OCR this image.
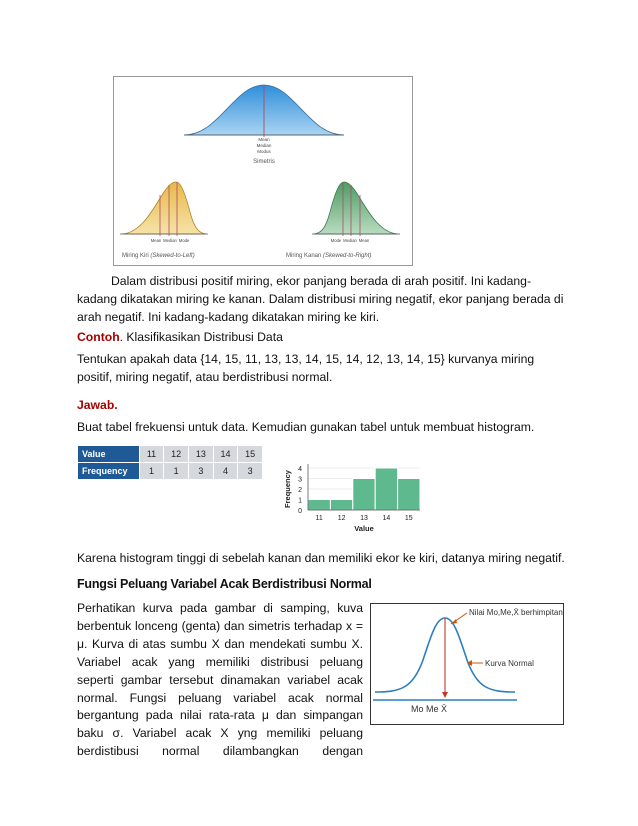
Mean
Median
Modus
Simetris
Mean Median Mode
Miring Kiri (Skewed-to-Left)
Mode Median Mean
Miring Kanan (Skewed-to-Right)
Dalam distribusi positif miring, ekor panjang berada di arah positif. Ini kadang-kadang dikatakan miring ke kanan. Dalam distribusi miring negatif, ekor panjang berada di arah negatif. Ini kadang-kadang dikatakan miring ke kiri.
Contoh. Klasifikasikan Distribusi Data
Tentukan apakah data {14, 15, 11, 13, 13, 14, 15, 14, 12, 13, 14, 15} kurvanya miring positif, miring negatif, atau berdistribusi normal.
Jawab.
Buat tabel frekuensi untuk data. Kemudian gunakan tabel untuk membuat histogram.
Value	11	12	13	14	15
Frequency	1	1	3	4	3
0
1
2
3
4
11 12 13 14 15
Value
Frequency
Karena histogram tinggi di sebelah kanan dan memiliki ekor ke kiri, datanya miring negatif.
Fungsi Peluang Variabel Acak Berdistribusi Normal
Perhatikan kurva pada gambar di samping, kuva
berbentuk lonceng (genta) dan simetris terhadap x =
μ. Kurva di atas sumbu X dan mendekati sumbu X.
Variabel acak yang memiliki distribusi peluang
seperti gambar tersebut dinamakan variabel acak
normal. Fungsi peluang variabel acak normal
bergantung pada nilai rata-rata μ dan simpangan
baku σ. Variabel acak X yng memiliki peluang
berdistibusi normal dilambangkan dengan
Nilai Mo,Me,X̄ berhimpitan
Kurva Normal
Mo Me X̄
